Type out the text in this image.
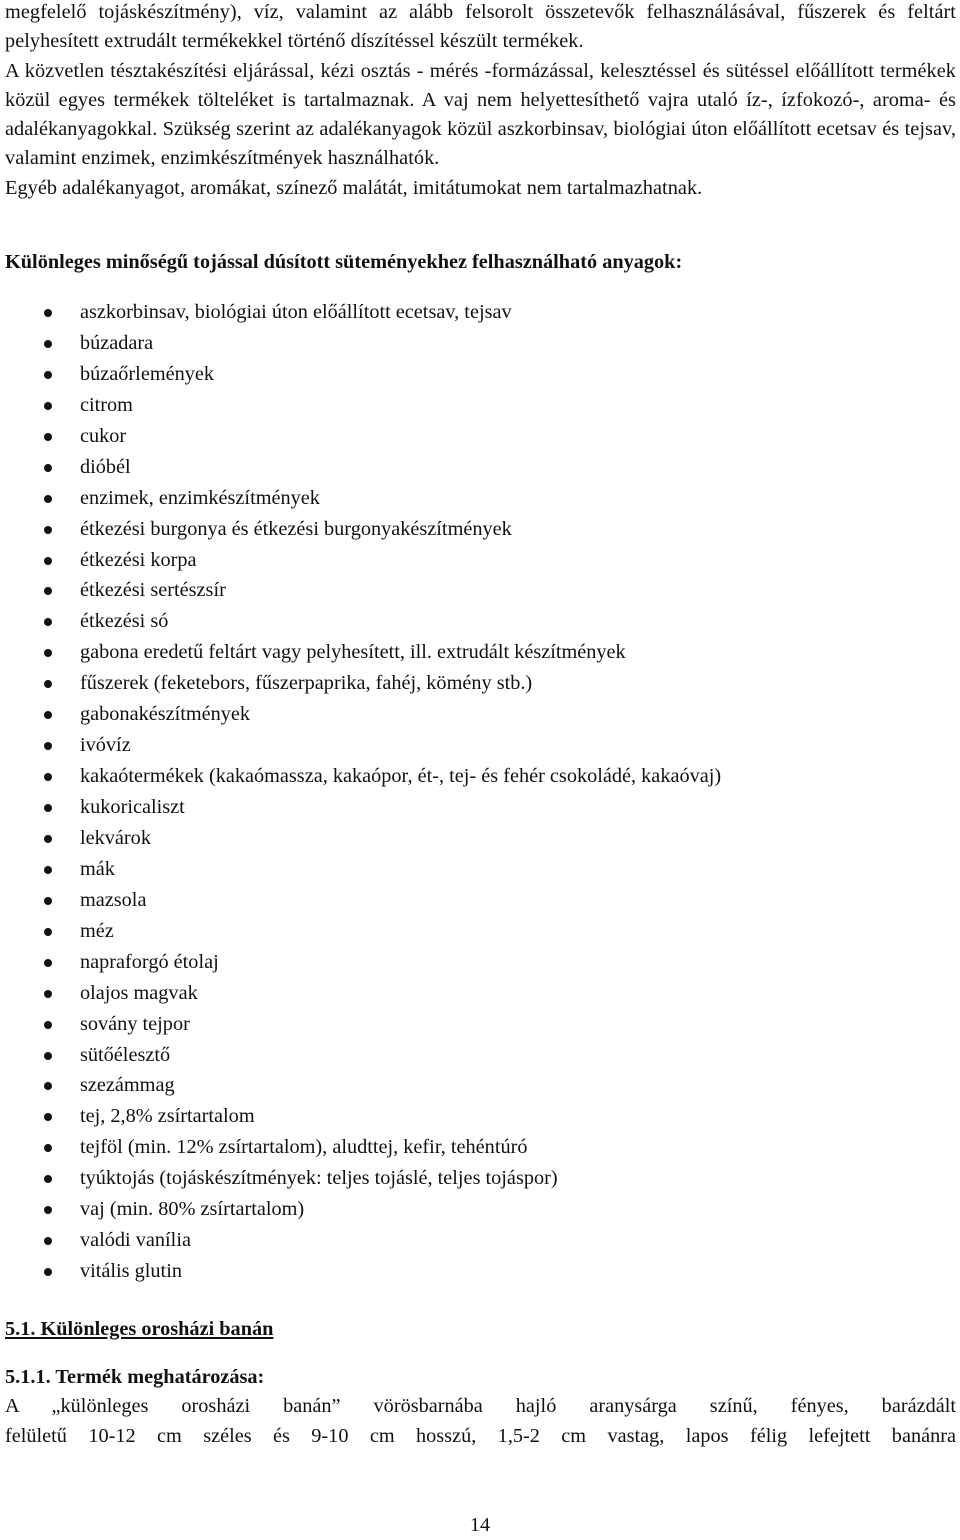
megfelelő tojáskészítmény), víz, valamint az alább felsorolt összetevők felhasználásával, fűszerek és feltárt pelyhesített extrudált termékekkel történő díszítéssel készült termékek.

A közvetlen tésztakészítési eljárással, kézi osztás - mérés -formázással, kelesztéssel és sütéssel előállított termékek közül egyes termékek tölteléket is tartalmaznak. A vaj nem helyettesíthető vajra utaló íz-, ízfokozó-, aroma- és adalékanyagokkal. Szükség szerint az adalékanyagok közül aszkorbinsav, biológiai úton előállított ecetsav és tejsav, valamint enzimek, enzimkészítmények használhatók.

Egyéb adalékanyagot, aromákat, színező malátát, imitátumokat nem tartalmazhatnak.

Különleges minőségű tojással dúsított süteményekhez felhasználható anyagok:

aszkorbinsav, biológiai úton előállított ecetsav, tejsav
búzadara
búzaőrlemények
citrom
cukor
dióbél
enzimek, enzimkészítmények
étkezési burgonya és étkezési burgonyakészítmények
étkezési korpa
étkezési sertészsír
étkezési só
gabona eredetű feltárt vagy pelyhesített, ill. extrudált készítmények
fűszerek (feketebors, fűszerpaprika, fahéj, kömény stb.)
gabonakészítmények
ivóvíz
kakaótermékek (kakaómassza, kakaópor, ét-, tej- és fehér csokoládé, kakaóvaj)
kukoricaliszt
lekvárok
mák
mazsola
méz
napraforgó étolaj
olajos magvak
sovány tejpor
sütőélesztő
szezámmag
tej, 2,8% zsírtartalom
tejföl (min. 12% zsírtartalom), aludttej, kefir, tehéntúró
tyúktojás (tojáskészítmények: teljes tojáslé, teljes tojáspor)
vaj (min. 80% zsírtartalom)
valódi vanília
vitális glutin

5.1. Különleges orosházi banán

5.1.1. Termék meghatározása:

A „különleges orosházi banán” vörösbarnába hajló aranysárga színű, fényes, barázdált
felületű 10-12 cm széles és 9-10 cm hosszú, 1,5-2 cm vastag, lapos félig lefejtett banánra

14
